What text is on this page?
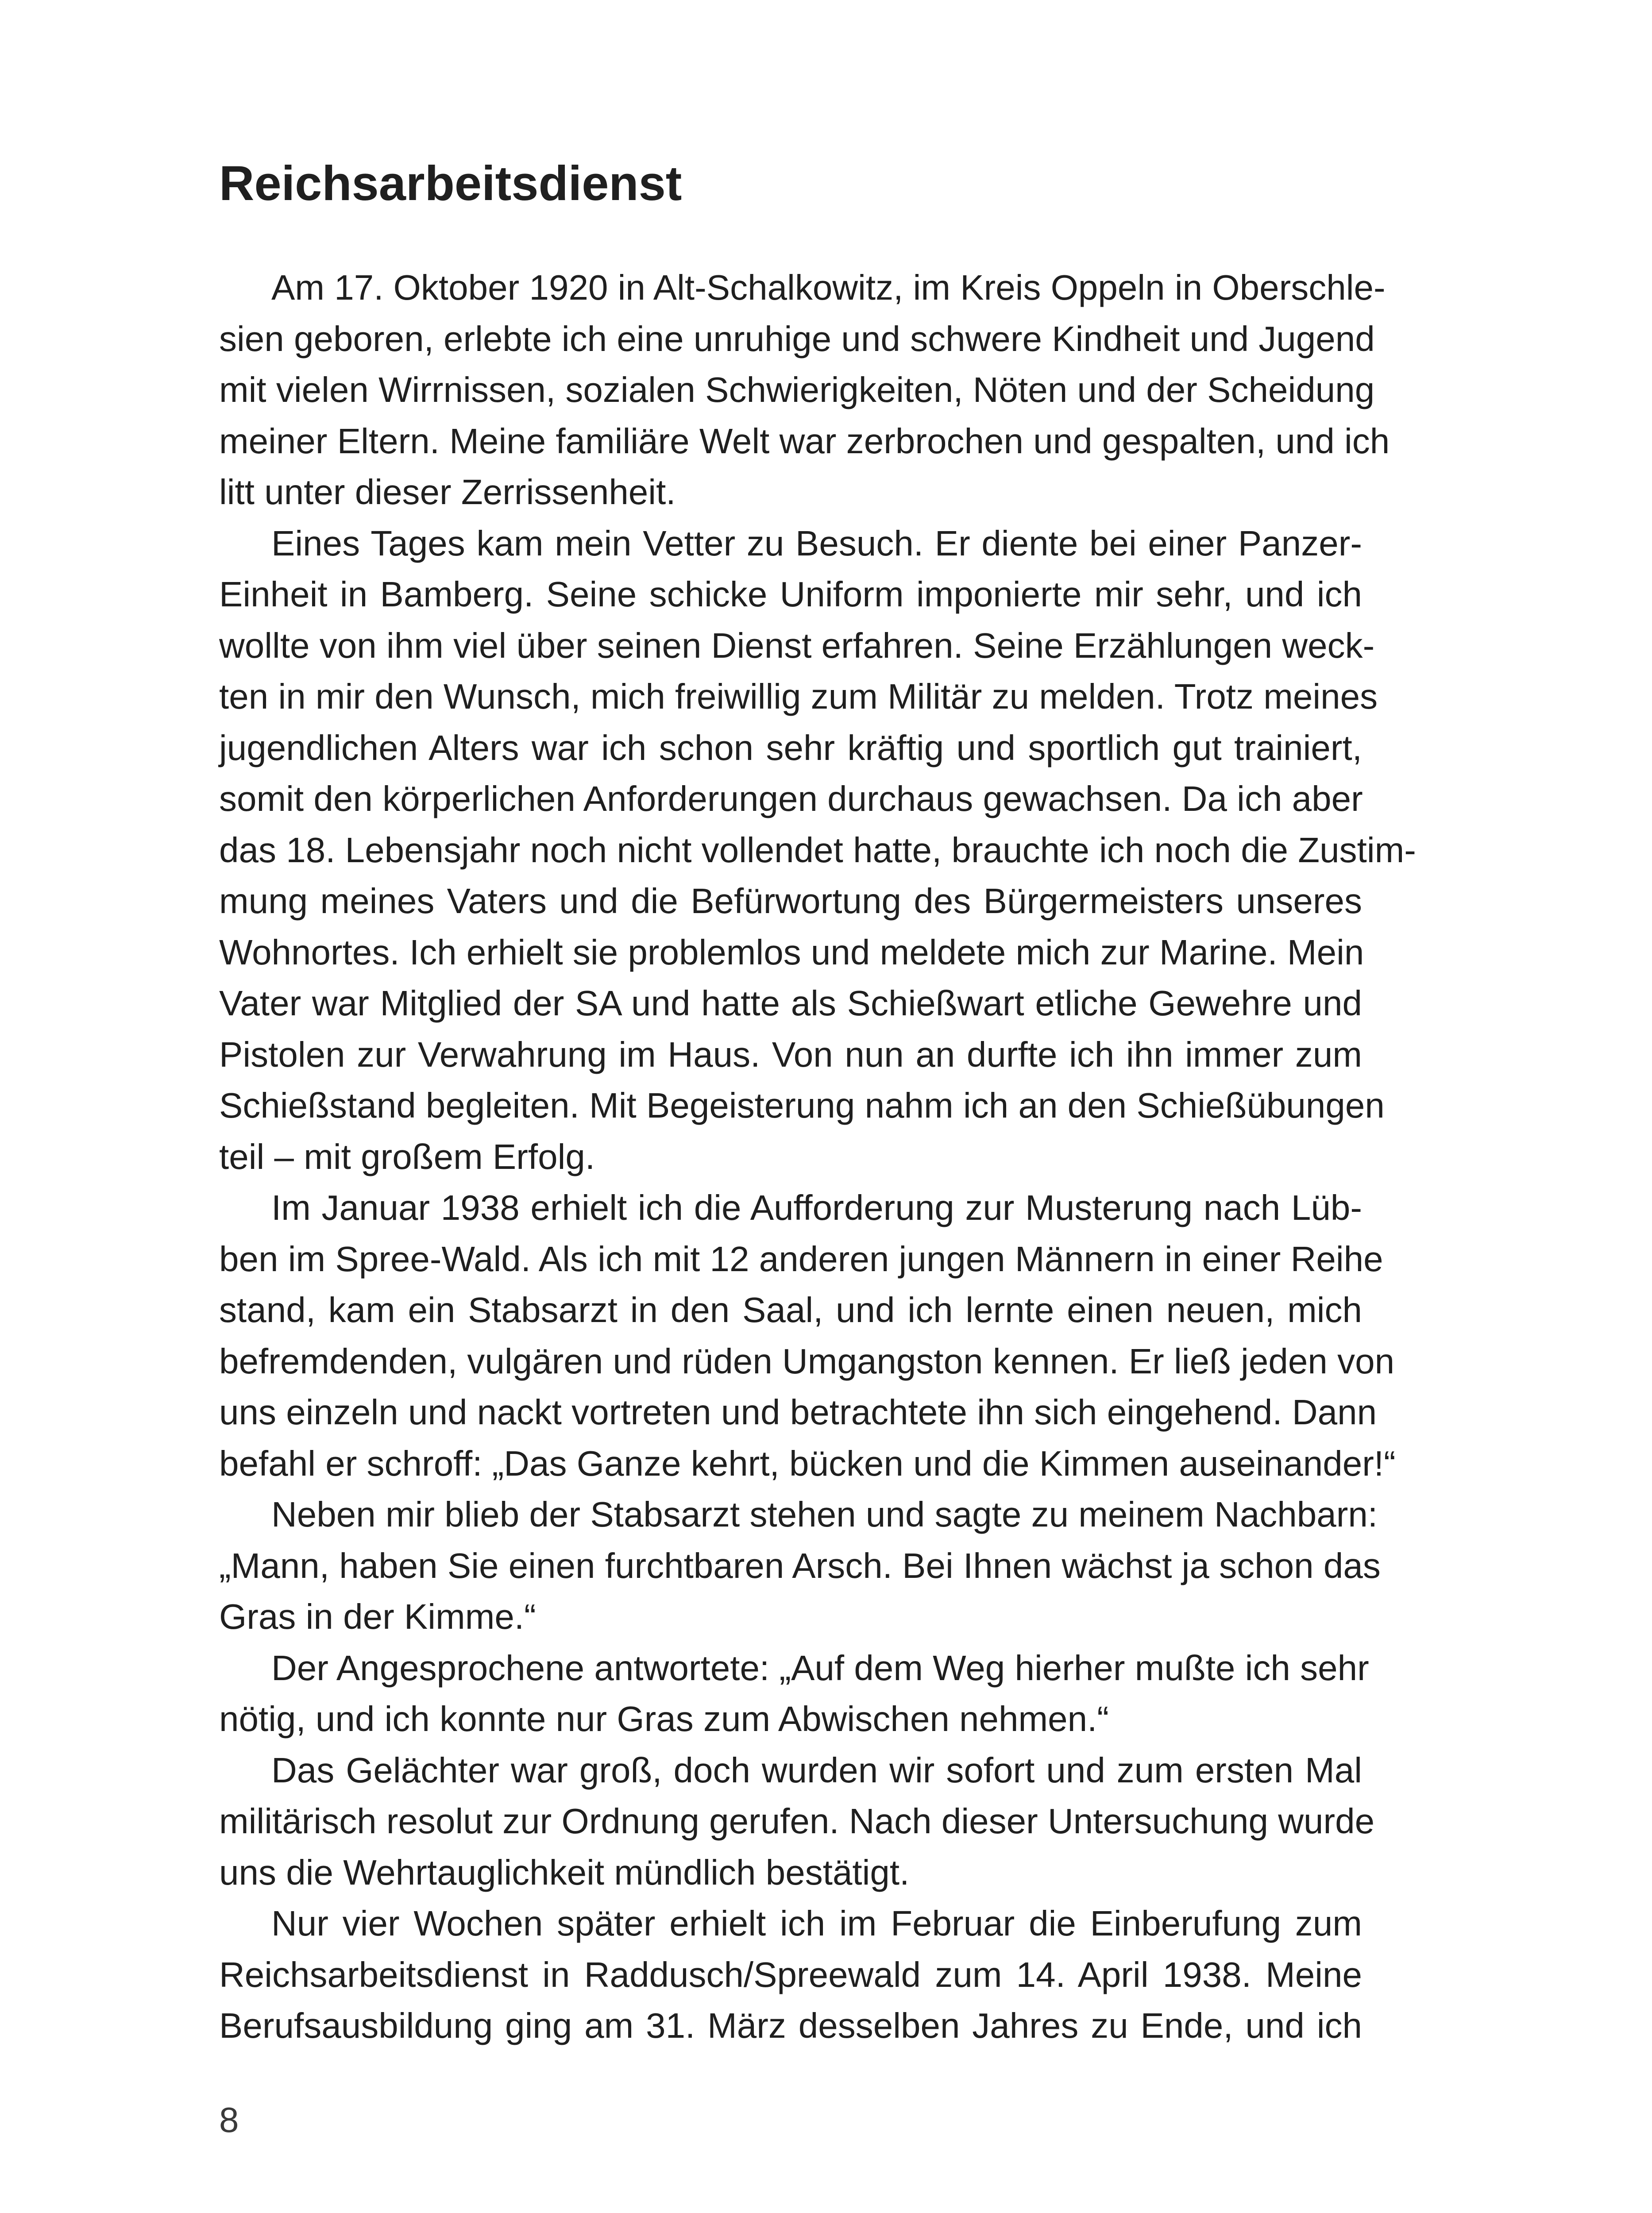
Reichsarbeitsdienst
Am 17. Oktober 1920 in Alt-Schalkowitz, im Kreis Oppeln in Oberschle-
sien geboren, erlebte ich eine unruhige und schwere Kindheit und Jugend
mit vielen Wirrnissen, sozialen Schwierigkeiten, Nöten und der Scheidung
meiner Eltern. Meine familiäre Welt war zerbrochen und gespalten, und ich
litt unter dieser Zerrissenheit.
Eines Tages kam mein Vetter zu Besuch. Er diente bei einer Panzer-
Einheit in Bamberg. Seine schicke Uniform imponierte mir sehr, und ich
wollte von ihm viel über seinen Dienst erfahren. Seine Erzählungen weck-
ten in mir den Wunsch, mich freiwillig zum Militär zu melden. Trotz meines
jugendlichen Alters war ich schon sehr kräftig und sportlich gut trainiert,
somit den körperlichen Anforderungen durchaus gewachsen. Da ich aber
das 18. Lebensjahr noch nicht vollendet hatte, brauchte ich noch die Zustim-
mung meines Vaters und die Befürwortung des Bürgermeisters unseres
Wohnortes. Ich erhielt sie problemlos und meldete mich zur Marine. Mein
Vater war Mitglied der SA und hatte als Schießwart etliche Gewehre und
Pistolen zur Verwahrung im Haus. Von nun an durfte ich ihn immer zum
Schießstand begleiten. Mit Begeisterung nahm ich an den Schießübungen
teil – mit großem Erfolg.
Im Januar 1938 erhielt ich die Aufforderung zur Musterung nach Lüb-
ben im Spree-Wald. Als ich mit 12 anderen jungen Männern in einer Reihe
stand, kam ein Stabsarzt in den Saal, und ich lernte einen neuen, mich
befremdenden, vulgären und rüden Umgangston kennen. Er ließ jeden von
uns einzeln und nackt vortreten und betrachtete ihn sich eingehend. Dann
befahl er schroff: „Das Ganze kehrt, bücken und die Kimmen auseinander!“
Neben mir blieb der Stabsarzt stehen und sagte zu meinem Nachbarn:
„Mann, haben Sie einen furchtbaren Arsch. Bei Ihnen wächst ja schon das
Gras in der Kimme.“
Der Angesprochene antwortete: „Auf dem Weg hierher mußte ich sehr
nötig, und ich konnte nur Gras zum Abwischen nehmen.“
Das Gelächter war groß, doch wurden wir sofort und zum ersten Mal
militärisch resolut zur Ordnung gerufen. Nach dieser Untersuchung wurde
uns die Wehrtauglichkeit mündlich bestätigt.
Nur vier Wochen später erhielt ich im Februar die Einberufung zum
Reichsarbeitsdienst in Raddusch/Spreewald zum 14. April 1938. Meine
Berufsausbildung ging am 31. März desselben Jahres zu Ende, und ich
8
